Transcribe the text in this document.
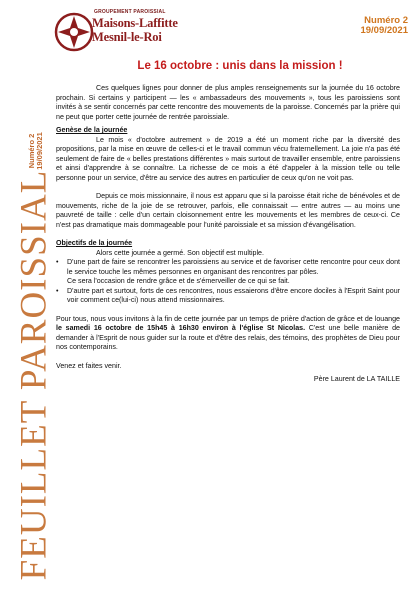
GROUPEMENT PAROISSIAL
Maisons-Laffitte
Mesnil-le-Roi
Numéro 2
19/09/2021
Numéro 2 19/09/2021
FEUILLET PAROISSIAL
Le 16 octobre : unis dans la mission !

Ces quelques lignes pour donner de plus amples renseignements sur la journée du 16 octobre prochain. Si certains y participent — les « ambassadeurs des mouvements », tous les paroissiens sont invités à se sentir concernés par cette rencontre des mouvements de la paroisse. Concernés par la prière qui ne peut que porter cette journée de rentrée paroissiale.

Genèse de la journée

Le mois « d'octobre autrement » de 2019 a été un moment riche par la diversité des propositions, par la mise en œuvre de celles-ci et le travail commun vécu fraternellement. La joie n'a pas été seulement de faire de « belles prestations différentes » mais surtout de travailler ensemble, entre paroissiens et ainsi d'apprendre à se connaître. La richesse de ce mois a été d'appeler à la mission telle ou telle personne pour un service, d'être au service des autres en particulier de ceux qu'on ne voit pas.

Depuis ce mois missionnaire, il nous est apparu que si la paroisse était riche de bénévoles et de mouvements, riche de la joie de se retrouver, parfois, elle connaissait — entre autres — au moins une pauvreté de taille : celle d'un certain cloisonnement entre les mouvements et les membres de ceux-ci. Ce n'est pas dramatique mais dommageable pour l'unité paroissiale et sa mission d'évangélisation.

Objectifs de la journée

Alors cette journée a germé. Son objectif est multiple.

• D'une part de faire se rencontrer les paroissiens au service et de favoriser cette rencontre pour ceux dont le service touche les mêmes personnes en organisant des rencontres par pôles.

Ce sera l'occasion de rendre grâce et de s'émerveiller de ce qui se fait.

• D'autre part et surtout, forts de ces rencontres, nous essaierons d'être encore dociles à l'Esprit Saint pour voir comment ce(lui-ci) nous attend missionnaires.

Pour tous, nous vous invitons à la fin de cette journée par un temps de prière d'action de grâce et de louange le samedi 16 octobre de 15h45 à 16h30 environ à l'église St Nicolas. C'est une belle manière de demander à l'Esprit de nous guider sur la route et d'être des relais, des témoins, des prophètes de Dieu pour nos contemporains.

Venez et faites venir.

Père Laurent de LA TAILLE
